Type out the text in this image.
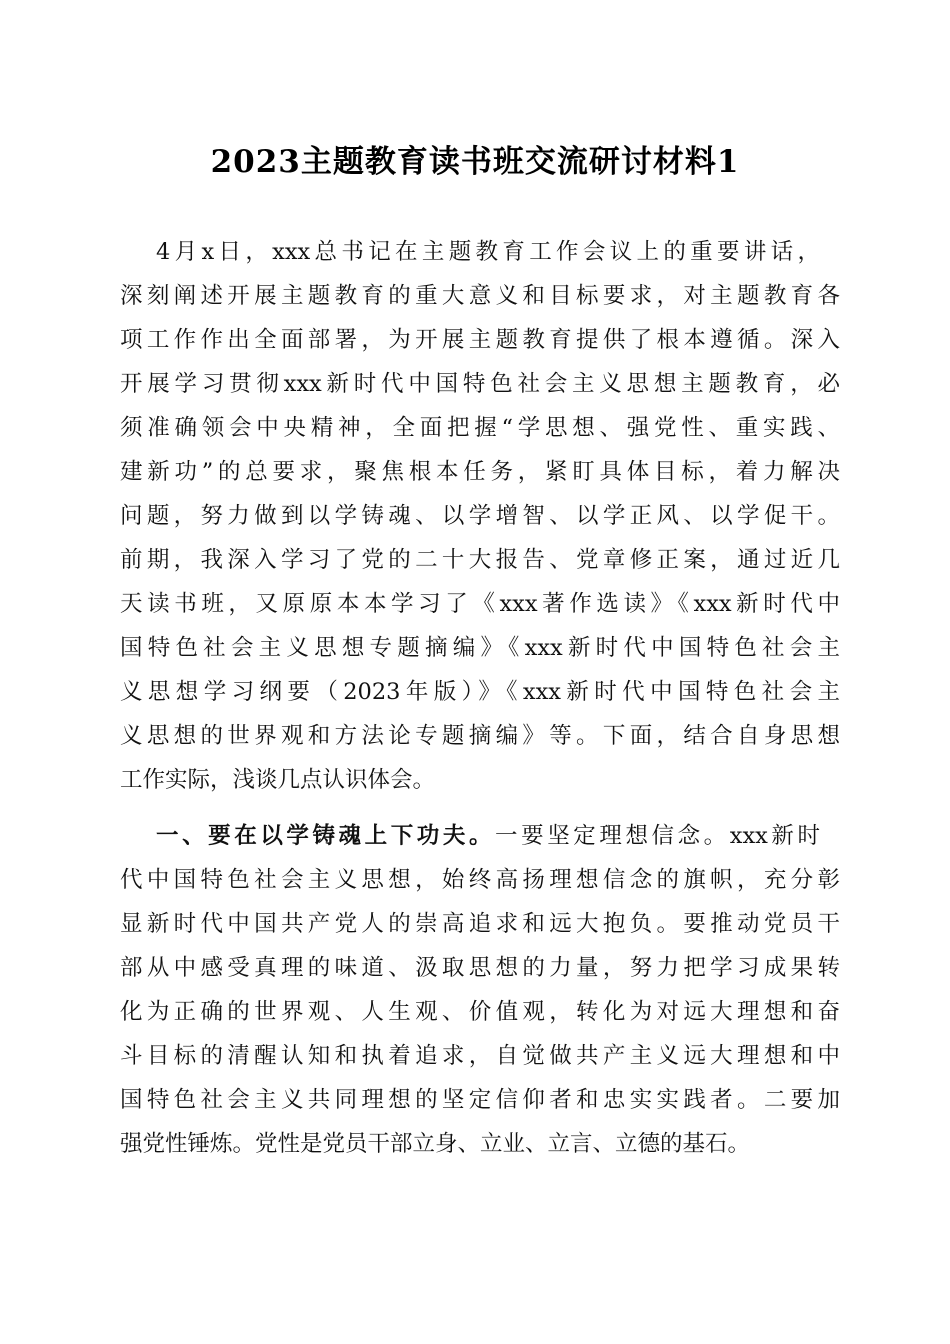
2023主题教育读书班交流研讨材料1
4月x日，xxx总书记在主题教育工作会议上的重要讲话，
深刻阐述开展主题教育的重大意义和目标要求，对主题教育各
项工作作出全面部署，为开展主题教育提供了根本遵循。深入
开展学习贯彻xxx新时代中国特色社会主义思想主题教育，必
须准确领会中央精神，全面把握“学思想、强党性、重实践、
建新功”的总要求，聚焦根本任务，紧盯具体目标，着力解决
问题，努力做到以学铸魂、以学增智、以学正风、以学促干。
前期，我深入学习了党的二十大报告、党章修正案，通过近几
天读书班，又原原本本学习了《xxx著作选读》《xxx新时代中
国特色社会主义思想专题摘编》《xxx新时代中国特色社会主
义思想学习纲要（2023年版）》《xxx新时代中国特色社会主
义思想的世界观和方法论专题摘编》等。下面，结合自身思想
工作实际，浅谈几点认识体会。
一、要在以学铸魂上下功夫。一要坚定理想信念。xxx新时
代中国特色社会主义思想，始终高扬理想信念的旗帜，充分彰
显新时代中国共产党人的崇高追求和远大抱负。要推动党员干
部从中感受真理的味道、汲取思想的力量，努力把学习成果转
化为正确的世界观、人生观、价值观，转化为对远大理想和奋
斗目标的清醒认知和执着追求，自觉做共产主义远大理想和中
国特色社会主义共同理想的坚定信仰者和忠实实践者。二要加
强党性锤炼。党性是党员干部立身、立业、立言、立德的基石。
